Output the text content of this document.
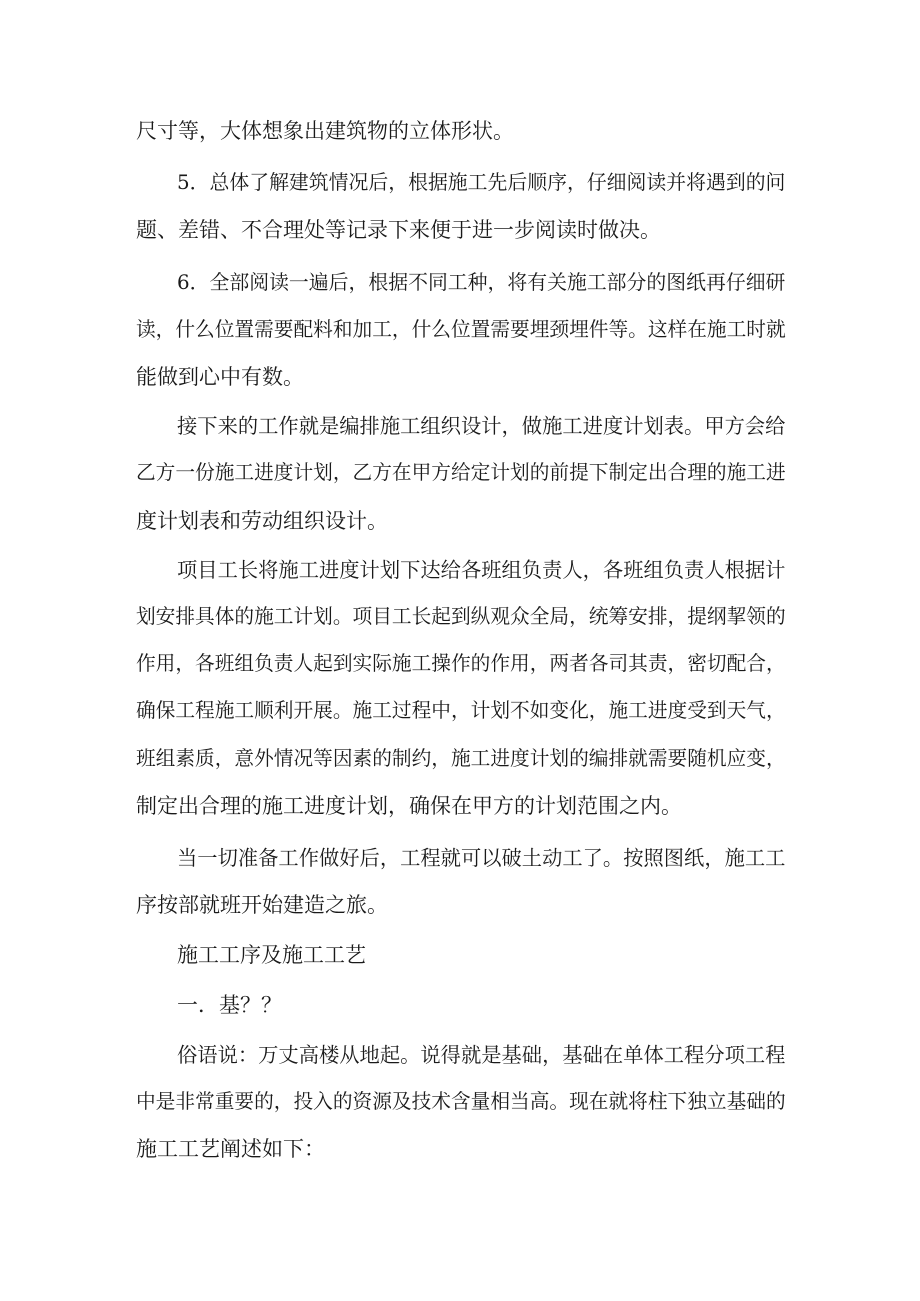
尺寸等，大体想象出建筑物的立体形状。
5．总体了解建筑情况后，根据施工先后顺序，仔细阅读并将遇到的问
题、差错、不合理处等记录下来便于进一步阅读时做决。
6．全部阅读一遍后，根据不同工种，将有关施工部分的图纸再仔细研
读，什么位置需要配料和加工，什么位置需要埋颈埋件等。这样在施工时就
能做到心中有数。
接下来的工作就是编排施工组织设计，做施工进度计划表。甲方会给
乙方一份施工进度计划，乙方在甲方给定计划的前提下制定出合理的施工进
度计划表和劳动组织设计。
项目工长将施工进度计划下达给各班组负责人，各班组负责人根据计
划安排具体的施工计划。项目工长起到纵观众全局，统筹安排，提纲挈领的
作用，各班组负责人起到实际施工操作的作用，两者各司其责，密切配合，
确保工程施工顺利开展。施工过程中，计划不如变化，施工进度受到天气，
班组素质，意外情况等因素的制约，施工进度计划的编排就需要随机应变，
制定出合理的施工进度计划，确保在甲方的计划范围之内。
当一切准备工作做好后，工程就可以破土动工了。按照图纸，施工工
序按部就班开始建造之旅。
施工工序及施工工艺
一．基？？
俗语说：万丈高楼从地起。说得就是基础，基础在单体工程分项工程
中是非常重要的，投入的资源及技术含量相当高。现在就将柱下独立基础的
施工工艺阐述如下：
